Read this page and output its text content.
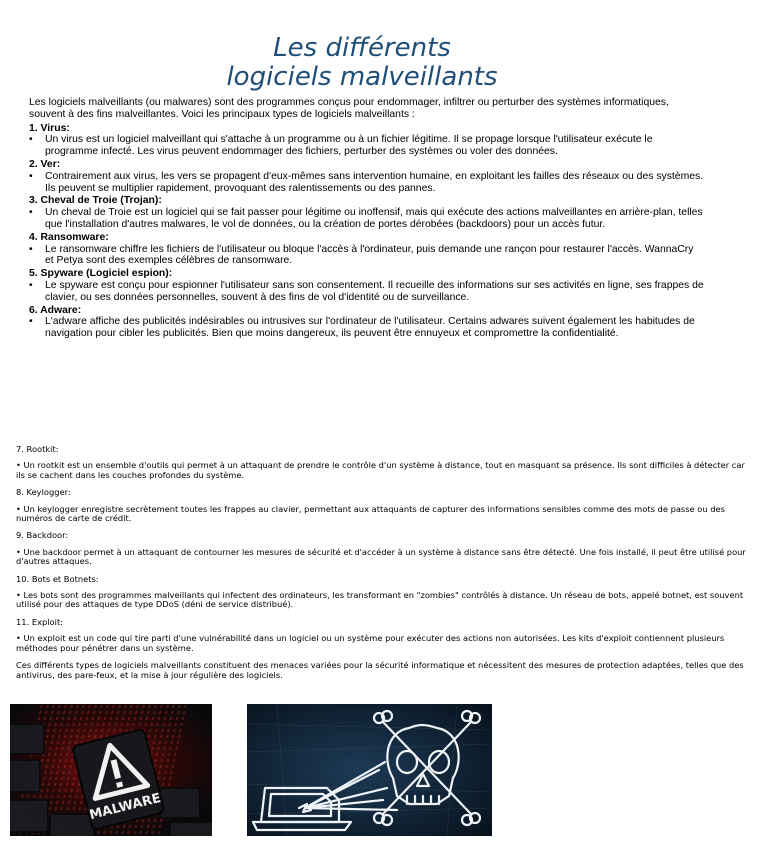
Les différents
logiciels malveillants

Les logiciels malveillants (ou malwares) sont des programmes conçus pour endommager, infiltrer ou perturber des systèmes informatiques, souvent à des fins malveillantes. Voici les principaux types de logiciels malveillants :

1. Virus:

• Un virus est un logiciel malveillant qui s'attache à un programme ou à un fichier légitime. Il se propage lorsque l'utilisateur exécute le programme infecté. Les virus peuvent endommager des fichiers, perturber des systèmes ou voler des données.

2. Ver:

• Contrairement aux virus, les vers se propagent d'eux-mêmes sans intervention humaine, en exploitant les failles des réseaux ou des systèmes. Ils peuvent se multiplier rapidement, provoquant des ralentissements ou des pannes.

3. Cheval de Troie (Trojan):

• Un cheval de Troie est un logiciel qui se fait passer pour légitime ou inoffensif, mais qui exécute des actions malveillantes en arrière-plan, telles que l'installation d'autres malwares, le vol de données, ou la création de portes dérobées (backdoors) pour un accès futur.

4. Ransomware:

• Le ransomware chiffre les fichiers de l'utilisateur ou bloque l'accès à l'ordinateur, puis demande une rançon pour restaurer l'accès. WannaCry et Petya sont des exemples célèbres de ransomware.

5. Spyware (Logiciel espion):

• Le spyware est conçu pour espionner l'utilisateur sans son consentement. Il recueille des informations sur ses activités en ligne, ses frappes de clavier, ou ses données personnelles, souvent à des fins de vol d'identité ou de surveillance.

6. Adware:

• L'adware affiche des publicités indésirables ou intrusives sur l'ordinateur de l'utilisateur. Certains adwares suivent également les habitudes de navigation pour cibler les publicités. Bien que moins dangereux, ils peuvent être ennuyeux et compromettre la confidentialité.

7. Rootkit:

• Un rootkit est un ensemble d'outils qui permet à un attaquant de prendre le contrôle d'un système à distance, tout en masquant sa présence. Ils sont difficiles à détecter car ils se cachent dans les couches profondes du système.

8. Keylogger:

• Un keylogger enregistre secrètement toutes les frappes au clavier, permettant aux attaquants de capturer des informations sensibles comme des mots de passe ou des numéros de carte de crédit.

9. Backdoor:

• Une backdoor permet à un attaquant de contourner les mesures de sécurité et d'accéder à un système à distance sans être détecté. Une fois installé, il peut être utilisé pour d'autres attaques.

10. Bots et Botnets:

• Les bots sont des programmes malveillants qui infectent des ordinateurs, les transformant en "zombies" contrôlés à distance. Un réseau de bots, appelé botnet, est souvent utilisé pour des attaques de type DDoS (déni de service distribué).

11. Exploit:

• Un exploit est un code qui tire parti d'une vulnérabilité dans un logiciel ou un système pour exécuter des actions non autorisées. Les kits d'exploit contiennent plusieurs méthodes pour pénétrer dans un système.

Ces différents types de logiciels malveillants constituent des menaces variées pour la sécurité informatique et nécessitent des mesures de protection adaptées, telles que des antivirus, des pare-feux, et la mise à jour régulière des logiciels.

MALWARE
